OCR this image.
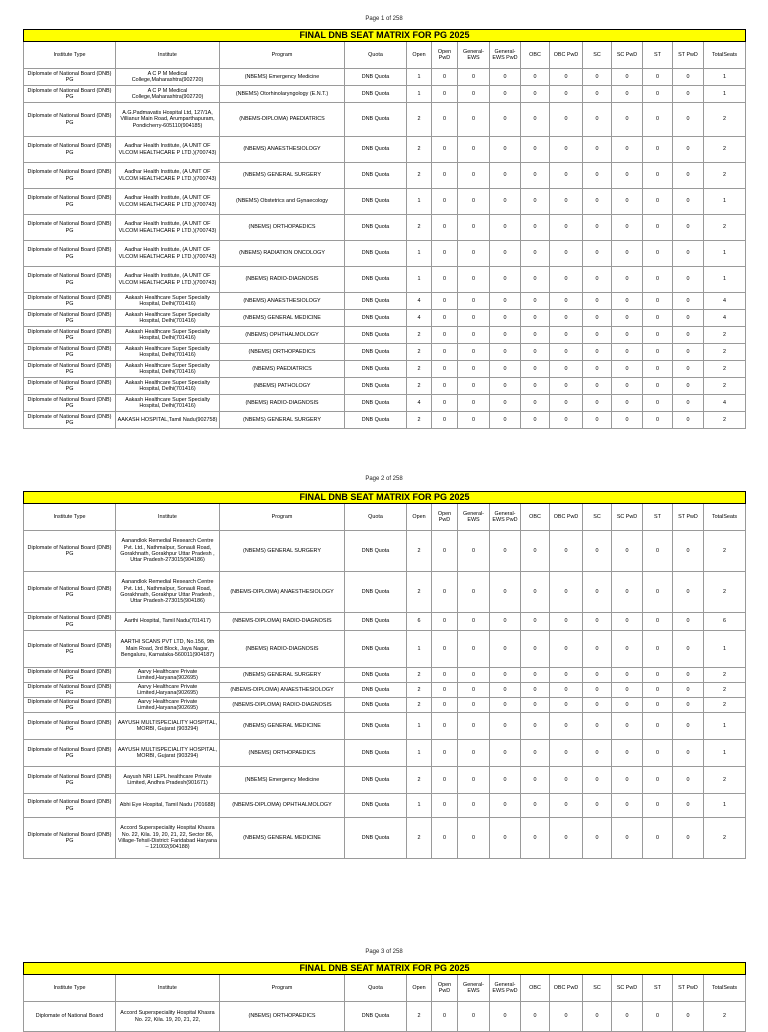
Page 1 of 258
FINAL DNB SEAT MATRIX FOR PG 2025														
Institute Type	Institute	Program	Quota	Open	Open PwD	General-EWS	General-EWS PwD	OBC	OBC PwD	SC	SC PwD	ST	ST PwD	TotalSeats
Diplomate of National Board (DNB) PG	A C P M Medical College,Maharashtra(902720)	(NBEMS) Emergency Medicine	DNB Quota	1	0	0	0	0	0	0	0	0	0	1
Diplomate of National Board (DNB) PG	A C P M Medical College,Maharashtra(902720)	(NBEMS) Otorhinolaryngology (E.N.T.)	DNB Quota	1	0	0	0	0	0	0	0	0	0	1
Diplomate of National Board (DNB) PG	A.G.Padmavatis Hospital Ltd, 127/1A, Villianur Main Road, Arumparthapuram, Pondicherry-605110(904185)	(NBEMS-DIPLOMA) PAEDIATRICS	DNB Quota	2	0	0	0	0	0	0	0	0	0	2
Diplomate of National Board (DNB) PG	Aadhar Health Institute, (A UNIT OF VLCOM HEALTHCARE P LTD.)(700743)	(NBEMS) ANAESTHESIOLOGY	DNB Quota	2	0	0	0	0	0	0	0	0	0	2
Diplomate of National Board (DNB) PG	Aadhar Health Institute, (A UNIT OF VLCOM HEALTHCARE P LTD.)(700743)	(NBEMS) GENERAL SURGERY	DNB Quota	2	0	0	0	0	0	0	0	0	0	2
Diplomate of National Board (DNB) PG	Aadhar Health Institute, (A UNIT OF VLCOM HEALTHCARE P LTD.)(700743)	(NBEMS) Obstetrics and Gynaecology	DNB Quota	1	0	0	0	0	0	0	0	0	0	1
Diplomate of National Board (DNB) PG	Aadhar Health Institute, (A UNIT OF VLCOM HEALTHCARE P LTD.)(700743)	(NBEMS) ORTHOPAEDICS	DNB Quota	2	0	0	0	0	0	0	0	0	0	2
Diplomate of National Board (DNB) PG	Aadhar Health Institute, (A UNIT OF VLCOM HEALTHCARE P LTD.)(700743)	(NBEMS) RADIATION ONCOLOGY	DNB Quota	1	0	0	0	0	0	0	0	0	0	1
Diplomate of National Board (DNB) PG	Aadhar Health Institute, (A UNIT OF VLCOM HEALTHCARE P LTD.)(700743)	(NBEMS) RADIO-DIAGNOSIS	DNB Quota	1	0	0	0	0	0	0	0	0	0	1
Diplomate of National Board (DNB) PG	Aakash Healthcare Super Specialty Hospital, Delhi(701416)	(NBEMS) ANAESTHESIOLOGY	DNB Quota	4	0	0	0	0	0	0	0	0	0	4
Diplomate of National Board (DNB) PG	Aakash Healthcare Super Specialty Hospital, Delhi(701416)	(NBEMS) GENERAL MEDICINE	DNB Quota	4	0	0	0	0	0	0	0	0	0	4
Diplomate of National Board (DNB) PG	Aakash Healthcare Super Specialty Hospital, Delhi(701416)	(NBEMS) OPHTHALMOLOGY	DNB Quota	2	0	0	0	0	0	0	0	0	0	2
Diplomate of National Board (DNB) PG	Aakash Healthcare Super Specialty Hospital, Delhi(701416)	(NBEMS) ORTHOPAEDICS	DNB Quota	2	0	0	0	0	0	0	0	0	0	2
Diplomate of National Board (DNB) PG	Aakash Healthcare Super Specialty Hospital, Delhi(701416)	(NBEMS) PAEDIATRICS	DNB Quota	2	0	0	0	0	0	0	0	0	0	2
Diplomate of National Board (DNB) PG	Aakash Healthcare Super Specialty Hospital, Delhi(701416)	(NBEMS) PATHOLOGY	DNB Quota	2	0	0	0	0	0	0	0	0	0	2
Diplomate of National Board (DNB) PG	Aakash Healthcare Super Specialty Hospital, Delhi(701416)	(NBEMS) RADIO-DIAGNOSIS	DNB Quota	4	0	0	0	0	0	0	0	0	0	4
Diplomate of National Board (DNB) PG	AAKASH HOSPITAL,Tamil Nadu(902758)	(NBEMS) GENERAL SURGERY	DNB Quota	2	0	0	0	0	0	0	0	0	0	2
Page 2 of 258
FINAL DNB SEAT MATRIX FOR PG 2025														
Institute Type	Institute	Program	Quota	Open	Open PwD	General-EWS	General-EWS PwD	OBC	OBC PwD	SC	SC PwD	ST	ST PwD	TotalSeats
Diplomate of National Board (DNB) PG	Aanandlok Remedial Research Centre Pvt. Ltd., Nathmalpur, Sonauli Road, Gorakhnath, Gorakhpur Uttar Pradesh , Uttar Pradesh-273015(904186)	(NBEMS) GENERAL SURGERY	DNB Quota	2	0	0	0	0	0	0	0	0	0	2
Diplomate of National Board (DNB) PG	Aanandlok Remedial Research Centre Pvt. Ltd., Nathmalpur, Sonauli Road, Gorakhnath, Gorakhpur Uttar Pradesh , Uttar Pradesh-273015(904186)	(NBEMS-DIPLOMA) ANAESTHESIOLOGY	DNB Quota	2	0	0	0	0	0	0	0	0	0	2
Diplomate of National Board (DNB) PG	Aarthi Hospital, Tamil Nadu(701417)	(NBEMS-DIPLOMA) RADIO-DIAGNOSIS	DNB Quota	6	0	0	0	0	0	0	0	0	0	6
Diplomate of National Board (DNB) PG	AARTHI SCANS PVT LTD, No.156, 9th Main Road, 3rd Block, Jaya Nagar, Bengaluru, Karnataka-560011(904187)	(NBEMS) RADIO-DIAGNOSIS	DNB Quota	1	0	0	0	0	0	0	0	0	0	1
Diplomate of National Board (DNB) PG	Aarvy Healthcare Private Limited,Haryana(902695)	(NBEMS) GENERAL SURGERY	DNB Quota	2	0	0	0	0	0	0	0	0	0	2
Diplomate of National Board (DNB) PG	Aarvy Healthcare Private Limited,Haryana(902695)	(NBEMS-DIPLOMA) ANAESTHESIOLOGY	DNB Quota	2	0	0	0	0	0	0	0	0	0	2
Diplomate of National Board (DNB) PG	Aarvy Healthcare Private Limited,Haryana(902695)	(NBEMS-DIPLOMA) RADIO-DIAGNOSIS	DNB Quota	2	0	0	0	0	0	0	0	0	0	2
Diplomate of National Board (DNB) PG	AAYUSH MULTISPECIALITY HOSPITAL, MORBI, Gujarat (903294)	(NBEMS) GENERAL MEDICINE	DNB Quota	1	0	0	0	0	0	0	0	0	0	1
Diplomate of National Board (DNB) PG	AAYUSH MULTISPECIALITY HOSPITAL, MORBI, Gujarat (903294)	(NBEMS) ORTHOPAEDICS	DNB Quota	1	0	0	0	0	0	0	0	0	0	1
Diplomate of National Board (DNB) PG	Aayush NRI LEPL healthcare Private Limited, Andhra Pradesh(901671)	(NBEMS) Emergency Medicine	DNB Quota	2	0	0	0	0	0	0	0	0	0	2
Diplomate of National Board (DNB) PG	Abhi Eye Hospital, Tamil Nadu (701688)	(NBEMS-DIPLOMA) OPHTHALMOLOGY	DNB Quota	1	0	0	0	0	0	0	0	0	0	1
Diplomate of National Board (DNB) PG	Accord Superspeciality Hospital Khasra No. 22, Kila. 19, 20, 21, 22, Sector 86, Village-Tehsil-District: Faridabad Haryana – 121002(904188)	(NBEMS) GENERAL MEDICINE	DNB Quota	2	0	0	0	0	0	0	0	0	0	2
Page 3 of 258
FINAL DNB SEAT MATRIX FOR PG 2025														
Institute Type	Institute	Program	Quota	Open	Open PwD	General-EWS	General-EWS PwD	OBC	OBC PwD	SC	SC PwD	ST	ST PwD	TotalSeats
Diplomate of National Board	Accord Superspeciality Hospital Khasra No. 22, Kila. 19, 20, 21, 22,	(NBEMS) ORTHOPAEDICS	DNB Quota	2	0	0	0	0	0	0	0	0	0	2
